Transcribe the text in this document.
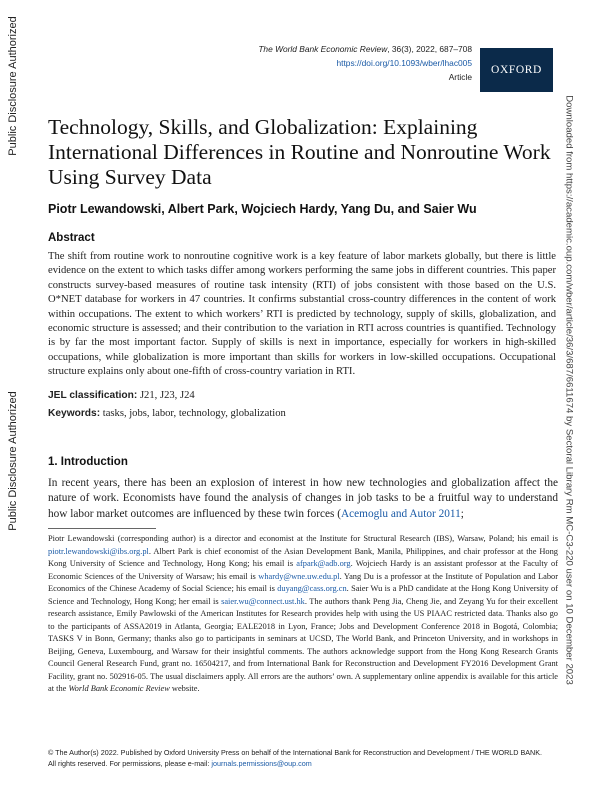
Public Disclosure Authorized
Public Disclosure Authorized	Downloaded from https://academic.oup.com/wber/article/36/3/687/6611674 by Sectoral Library Rm MC-C3-220 user on 10 December 2023
The World Bank Economic Review, 36(3), 2022, 687–708
https://doi.org/10.1093/wber/lhac005
Article
OXFORD
Technology, Skills, and Globalization: Explaining International Differences in Routine and Nonroutine Work Using Survey Data
Piotr Lewandowski, Albert Park, Wojciech Hardy, Yang Du, and Saier Wu
Abstract

The shift from routine work to nonroutine cognitive work is a key feature of labor markets globally, but there is little evidence on the extent to which tasks differ among workers performing the same jobs in different countries. This paper constructs survey-based measures of routine task intensity (RTI) of jobs consistent with those based on the U.S. O*NET database for workers in 47 countries. It confirms substantial cross-country differences in the content of work within occupations. The extent to which workers’ RTI is predicted by technology, supply of skills, globalization, and economic structure is assessed; and their contribution to the variation in RTI across countries is quantified. Technology is by far the most important factor. Supply of skills is next in importance, especially for workers in high-skilled occupations, while globalization is more important than skills for workers in low-skilled occupations. Occupational structure explains only about one-fifth of cross-country variation in RTI.

JEL classification: J21, J23, J24
Keywords: tasks, jobs, labor, technology, globalization
1. Introduction

In recent years, there has been an explosion of interest in how new technologies and globalization affect the nature of work. Economists have found the analysis of changes in job tasks to be a fruitful way to understand how labor market outcomes are influenced by these twin forces (Acemoglu and Autor 2011;

Piotr Lewandowski (corresponding author) is a director and economist at the Institute for Structural Research (IBS), Warsaw, Poland; his email is piotr.lewandowski@ibs.org.pl. Albert Park is chief economist of the Asian Development Bank, Manila, Philippines, and chair professor at the Hong Kong University of Science and Technology, Hong Kong; his email is afpark@adb.org. Wojciech Hardy is an assistant professor at the Faculty of Economic Sciences of the University of Warsaw; his email is whardy@wne.uw.edu.pl. Yang Du is a professor at the Institute of Population and Labor Economics of the Chinese Academy of Social Science; his email is duyang@cass.org.cn. Saier Wu is a PhD candidate at the Hong Kong University of Science and Technology, Hong Kong; her email is saier.wu@connect.ust.hk. The authors thank Peng Jia, Cheng Jie, and Zeyang Yu for their excellent research assistance, Emily Pawlowski of the American Institutes for Research provides help with using the US PIAAC restricted data. Thanks also go to the participants of ASSA2019 in Atlanta, Georgia; EALE2018 in Lyon, France; Jobs and Development Conference 2018 in Bogotá, Colombia; TASKS V in Bonn, Germany; thanks also go to participants in seminars at UCSD, The World Bank, and Princeton University, and in workshops in Beijing, Geneva, Luxembourg, and Warsaw for their insightful comments. The authors acknowledge support from the Hong Kong Research Grants Council General Research Fund, grant no. 16504217, and from International Bank for Reconstruction and Development FY2016 Development Grant Facility, grant no. 502916-05. The usual disclaimers apply. All errors are the authors’ own. A supplementary online appendix is available for this article at the World Bank Economic Review website.

© The Author(s) 2022. Published by Oxford University Press on behalf of the International Bank for Reconstruction and Development / THE WORLD BANK.
All rights reserved. For permissions, please e-mail: journals.permissions@oup.com
